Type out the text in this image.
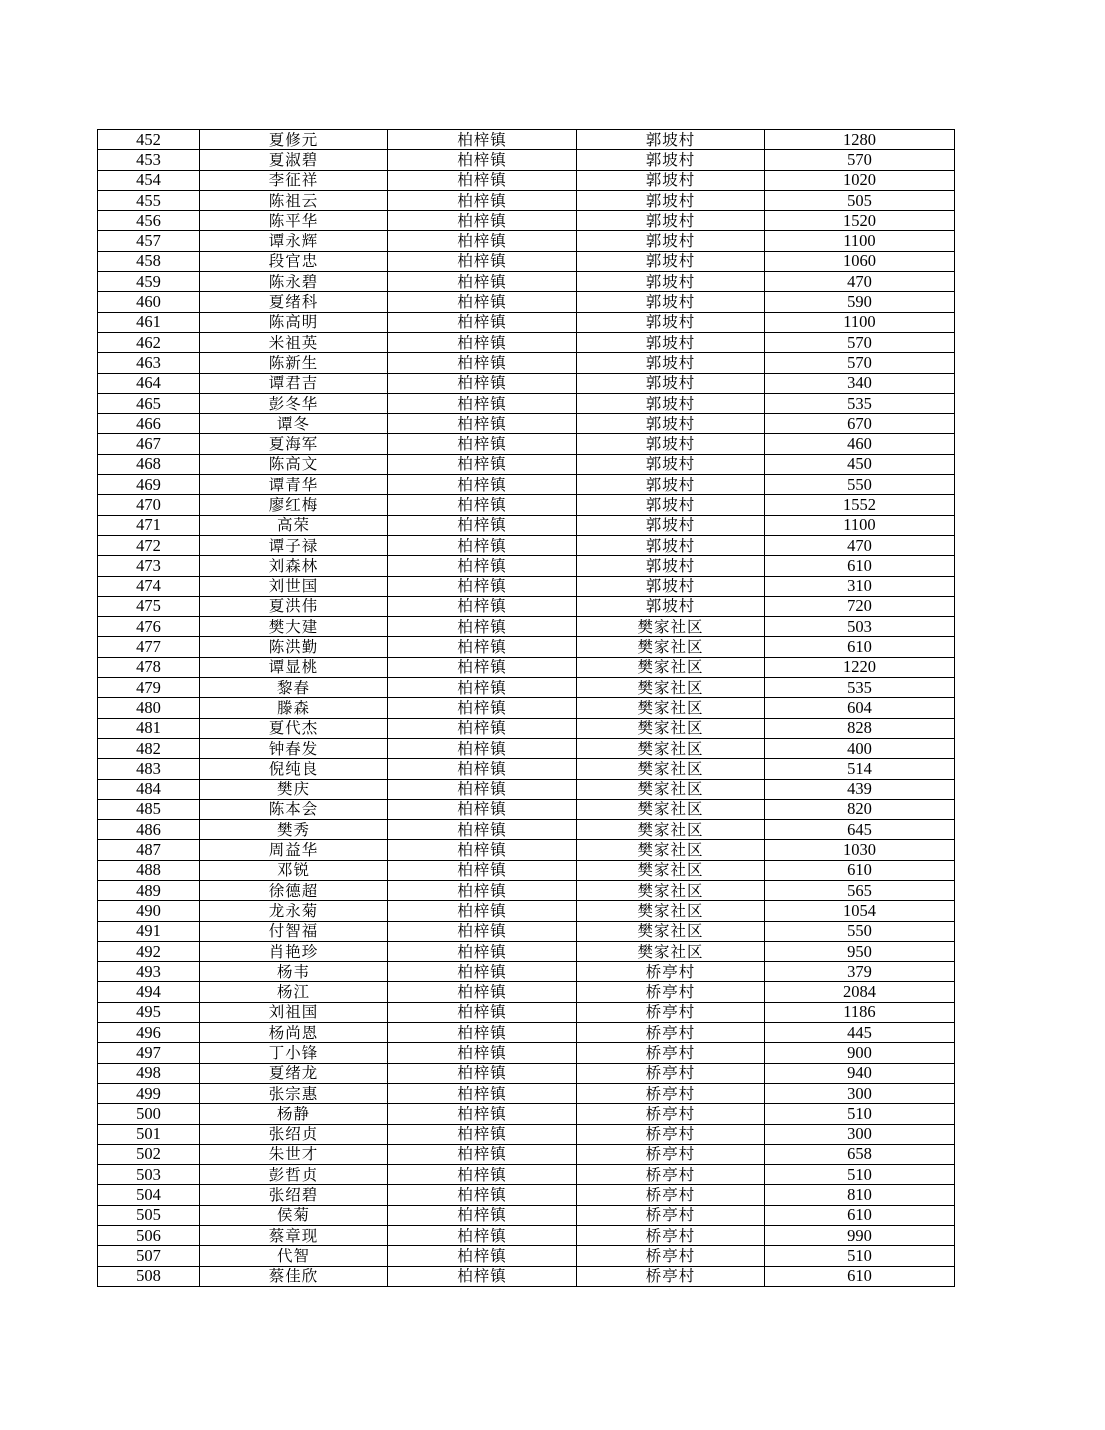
452	夏修元	柏梓镇	郭坡村	1280
453	夏淑碧	柏梓镇	郭坡村	570
454	李征祥	柏梓镇	郭坡村	1020
455	陈祖云	柏梓镇	郭坡村	505
456	陈平华	柏梓镇	郭坡村	1520
457	谭永辉	柏梓镇	郭坡村	1100
458	段官忠	柏梓镇	郭坡村	1060
459	陈永碧	柏梓镇	郭坡村	470
460	夏绪科	柏梓镇	郭坡村	590
461	陈高明	柏梓镇	郭坡村	1100
462	米祖英	柏梓镇	郭坡村	570
463	陈新生	柏梓镇	郭坡村	570
464	谭君吉	柏梓镇	郭坡村	340
465	彭冬华	柏梓镇	郭坡村	535
466	谭冬	柏梓镇	郭坡村	670
467	夏海军	柏梓镇	郭坡村	460
468	陈高文	柏梓镇	郭坡村	450
469	谭青华	柏梓镇	郭坡村	550
470	廖红梅	柏梓镇	郭坡村	1552
471	高荣	柏梓镇	郭坡村	1100
472	谭子禄	柏梓镇	郭坡村	470
473	刘森林	柏梓镇	郭坡村	610
474	刘世国	柏梓镇	郭坡村	310
475	夏洪伟	柏梓镇	郭坡村	720
476	樊大建	柏梓镇	樊家社区	503
477	陈洪勤	柏梓镇	樊家社区	610
478	谭显桃	柏梓镇	樊家社区	1220
479	黎春	柏梓镇	樊家社区	535
480	滕森	柏梓镇	樊家社区	604
481	夏代杰	柏梓镇	樊家社区	828
482	钟春发	柏梓镇	樊家社区	400
483	倪纯良	柏梓镇	樊家社区	514
484	樊庆	柏梓镇	樊家社区	439
485	陈本会	柏梓镇	樊家社区	820
486	樊秀	柏梓镇	樊家社区	645
487	周益华	柏梓镇	樊家社区	1030
488	邓锐	柏梓镇	樊家社区	610
489	徐德超	柏梓镇	樊家社区	565
490	龙永菊	柏梓镇	樊家社区	1054
491	付智福	柏梓镇	樊家社区	550
492	肖艳珍	柏梓镇	樊家社区	950
493	杨韦	柏梓镇	桥亭村	379
494	杨江	柏梓镇	桥亭村	2084
495	刘祖国	柏梓镇	桥亭村	1186
496	杨尚恩	柏梓镇	桥亭村	445
497	丁小锋	柏梓镇	桥亭村	900
498	夏绪龙	柏梓镇	桥亭村	940
499	张宗惠	柏梓镇	桥亭村	300
500	杨静	柏梓镇	桥亭村	510
501	张绍贞	柏梓镇	桥亭村	300
502	朱世才	柏梓镇	桥亭村	658
503	彭哲贞	柏梓镇	桥亭村	510
504	张绍碧	柏梓镇	桥亭村	810
505	侯菊	柏梓镇	桥亭村	610
506	蔡章现	柏梓镇	桥亭村	990
507	代智	柏梓镇	桥亭村	510
508	蔡佳欣	柏梓镇	桥亭村	610
